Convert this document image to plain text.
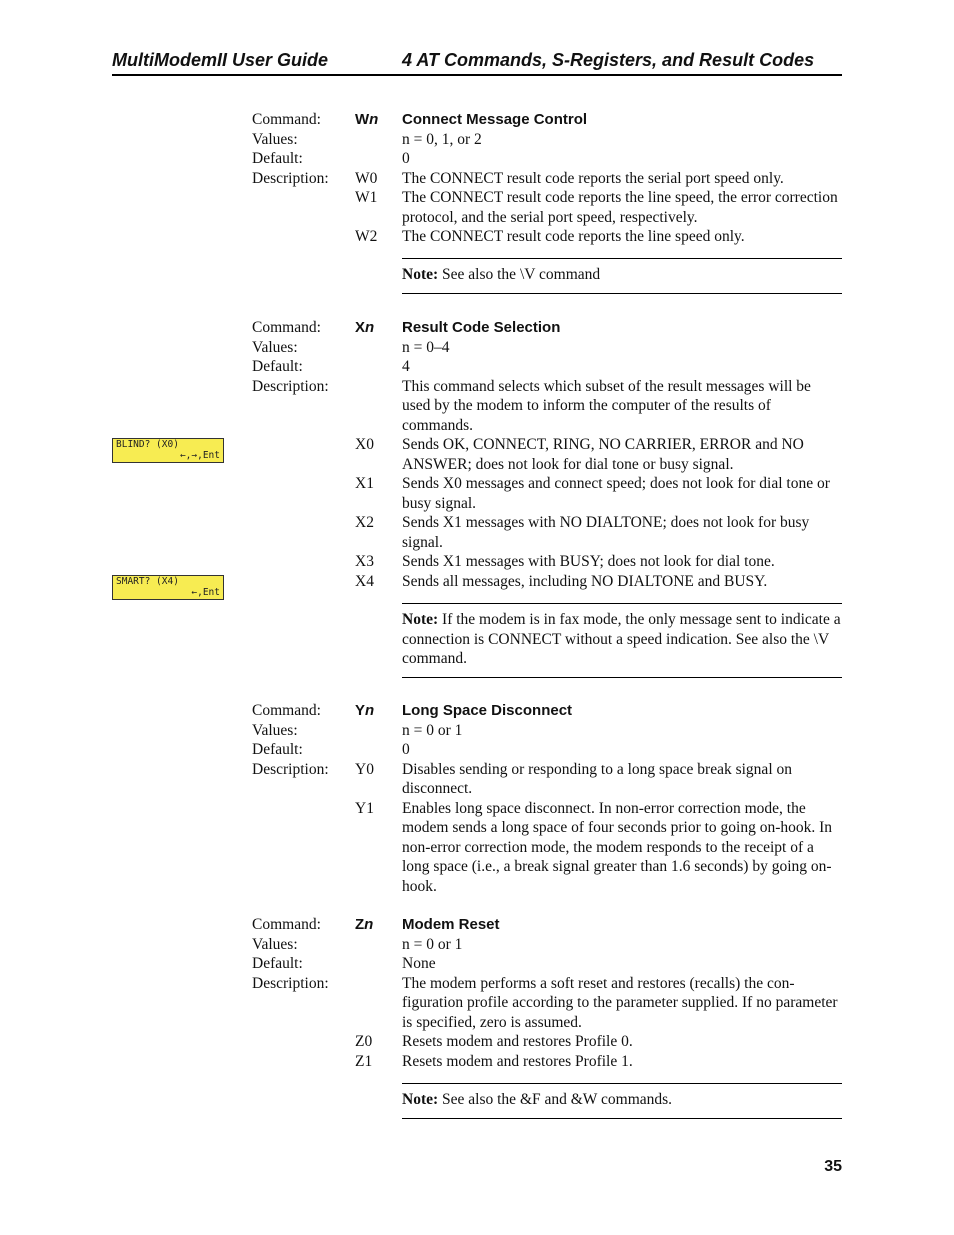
MultiModemII User Guide	4 AT Commands, S-Registers, and Result Codes
Command:
Values:
Default:
Description:
Wn Connect Message Control
n = 0, 1, or 2
0
W0 The CONNECT result code reports the serial port speed only.
W1 The CONNECT result code reports the line speed, the error correction protocol, and the serial port speed, respectively.
W2 The CONNECT result code reports the line speed only.
Note: See also the \V command
Command:
Values:
Default:
Description:
Xn Result Code Selection
n = 0–4
4
This command selects which subset of the result messages will be used by the modem to inform the computer of the results of commands.
X0 Sends OK, CONNECT, RING, NO CARRIER, ERROR and NO ANSWER; does not look for dial tone or busy signal.
X1 Sends X0 messages and connect speed; does not look for dial tone or busy signal.
X2 Sends X1 messages with NO DIALTONE; does not look for busy signal.
X3 Sends X1 messages with BUSY; does not look for dial tone.
X4 Sends all messages, including NO DIALTONE and BUSY.
Note: If the modem is in fax mode, the only message sent to indicate a connection is CONNECT without a speed indication. See also the \V command.
BLIND? (X0)
←,→,Ent
SMART? (X4)
←,Ent
Command:
Values:
Default:
Description:
Yn Long Space Disconnect
n = 0 or 1
0
Y0 Disables sending or responding to a long space break signal on disconnect.
Y1 Enables long space disconnect. In non-error correction mode, the modem sends a long space of four seconds prior to going on-hook. In non-error correction mode, the modem responds to the receipt of a long space (i.e., a break signal greater than 1.6 seconds) by going on-hook.
Command:
Values:
Default:
Description:
Zn Modem Reset
n = 0 or 1
None
The modem performs a soft reset and restores (recalls) the con- figuration profile according to the parameter supplied. If no parameter is specified, zero is assumed.
Z0 Resets modem and restores Profile 0.
Z1 Resets modem and restores Profile 1.
Note: See also the &F and &W commands.
35
